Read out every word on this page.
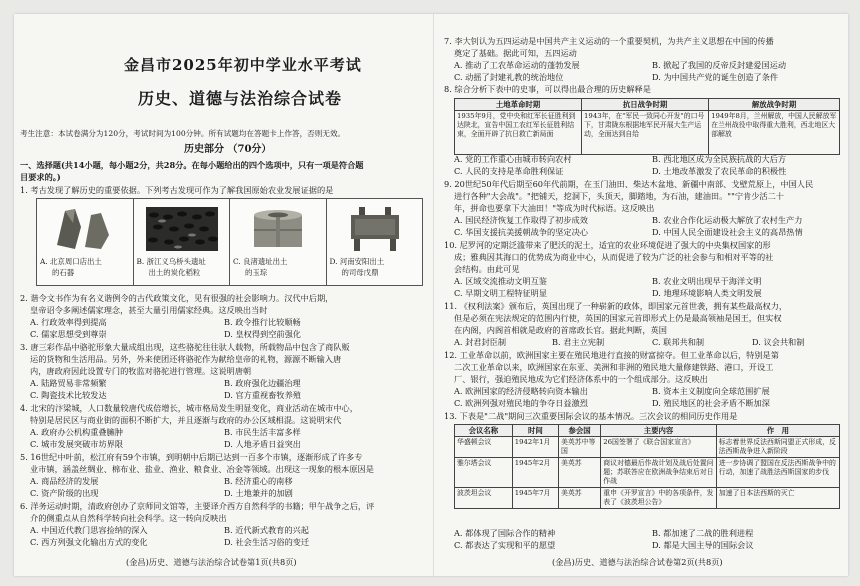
金昌市2025年初中学业水平考试
历史、道德与法治综合试卷
考生注意：本试卷满分为120分，考试时间为100分钟。所有试题均在答题卡上作答，否则无效。
历史部分 （70分）
一、选择题(共14小题，每小题2分，共28分。在每小题给出的四个选项中，只有一项是符合题
目要求的。)
1. 考古发现了解历史的重要依据。下列考古发现可作为了解我国原始农业发展证据的是
A. 北京周口店出土
的石器
B. 浙江义乌桥头遗址
出土的炭化稻粒
C. 良渚遗址出土
的玉琮
D. 河南安阳出土
的司母戊鼎
2. 谐令文书作为有名义谐例令的古代政策文化，见有很强的社会影响力。汉代中后期，
皇帝诏令多阐述儒家理念，甚至大量引用儒家经典。这反映出当时
A. 行政效率得到提高	B. 政令推行比较顺畅
C. 儒家思想受到尊崇	D. 皇权得到空前强化
3. 唐三彩作品中骆驼形象大量成组出现，这些骆驼往往驮人载物，所载物品中包含了商队贩
运的货物和生活用品。另外，外来使团还将骆驼作为献给皇帝的礼物，源源不断输入唐
内，唐政府因此设置专门的牧监对骆驼进行管理。这说明唐朝
A. 陆路贸易非常频繁	B. 政府强化边疆治理
C. 陶瓷技术比较发达	D. 官方重视畜牧养殖
4. 北宋的汴梁城，人口数量较唐代成倍增长，城市格局发生明显变化，商业活动在城市中心，
特别是居民区与商业街的面积不断扩大，并且逐渐与政府的办公区域相混。这说明宋代
A. 政府办公机构重叠臃肿	B. 市民生活丰富多样
C. 城市发展突破市坊界限	D. 人地矛盾日益突出
5. 16世纪中叶前，松江府有59个市镇，到明朝中后期已达到一百多个市镇，逐渐形成了许多专
业市镇，涵盖丝绸业、棉布业、盐业、渔业、粮食业、冶金等领域。出现这一现象的根本原因是
A. 商品经济的发展	B. 经济重心的南移
C. 资产阶级的出现	D. 土地兼并的加剧
6. 洋务运动时期，清政府创办了京师同文馆等，主要译介西方自然科学的书籍；甲午战争之后，评
介的侧重点从自然科学转向社会科学。这一转向反映出
A. 中国近代教门思容捡纳的深入	B. 近代新式教育的兴起
C. 西方列强文化输出方式的变化	D. 社会生活习俗的变迁
(金昌)历史、道德与法治综合试卷第1页(共8页)
7. 李大钊认为五四运动是中国共产主义运动的一个重要契机，为共产主义思想在中国的传播
奠定了基础。据此可知，五四运动
A. 推动了工农革命运动的蓬勃发展	B. 掀起了我国的反帝反封建爱国运动
C. 动摇了封建礼教的统治地位	D. 为中国共产党的诞生创造了条件
8. 综合分析下表中的史事，可以得出最合理的历史解释是
土地革命时期	抗日战争时期	解放战争时期
1935年9月，党中央和红军长征胜利到达陕北，宣告中国工农红军长征胜利结束，全面开辟了抗日救亡新局面	1943年，在"军民一致同心开发"的口号下，甘肃陇东根据地军民开展大生产运动，全面达到自给	1949年8月，兰州解放，中国人民解放军在兰州战役中取得重大胜利，西北地区大部解放
A. 党的工作重心由城市转向农村	B. 西北地区成为全民族抗战的大后方
C. 人民的支持是革命胜利保证	D. 土地改革激发了农民革命的积极性
9. 20世纪50年代后期至60年代前期，在玉门油田、柴达木盆地、新疆中南部、戈壁荒原上，中国人民
进行各种"大会战"。"把铺天，挖洞下，头顶天，脚踏地，为石油，建油田。""宁肯少活二十
年，拼命也要拿下大油田！"等成为时代标语。这反映出
A. 国民经济恢复工作取得了初步成效	B. 农业合作化运动极大解放了农村生产力
C. 华国支援抗美援朝战争的坚定决心	D. 中国人民全面建设社会主义的高昂热情
10. 尼罗河的定期泛滥带来了肥沃的泥土，适宜的农业环境促进了强大的中央集权国家的形
成；雅典因其海口的优势成为商业中心，从而促进了较为广泛的社会参与和相对平等的社
会结构。由此可见
A. 区域交流推动文明互鉴	B. 农业文明出现早于海洋文明
C. 早期文明工程特征明显	D. 地理环境影响人类文明发展
11. 《权利法案》颁布后，英国出现了一种崭新的政体，即国家元首世袭，拥有某些最高权力，
但是必须在宪法规定的范围内行使，英国的国家元首即形式上仍是最高领袖是国王，但实权
在内阁，内阁首相就是政府的首席政长官。据此判断，英国
A. 封君封臣制	B. 君主立宪制	C. 联邦共和制	D. 议会共和制
12. 工业革命以前，欧洲国家主要在殖民地进行直接的财富掠夺。但工业革命以后，特别是第
二次工业革命以来，欧洲国家在东亚、美洲和非洲的殖民地大量修建铁路、港口，开设工
厂、银行，强迫殖民地成为它们经济体系中的一个组成部分。这反映出
A. 欧洲国家的经济侵略转向资本输出	B. 资本主义制度向全球范围扩展
C. 欧洲列强对殖民地的争夺日益激烈	D. 殖民地区的社会矛盾不断加深
13. 下表是"二战"期间三次重要国际会议的基本情况。三次会议的相同历史作用是
会议名称	时间	参会国	主要内容	作　用
华盛顿会议	1942年1月	美英苏中等国	26国签署了《联合国家宣言》	标志着世界反法西斯同盟正式形成，反法西斯战争进入新阶段
雅尔塔会议	1945年2月	美英苏	商议对德最后作战计划及战后处置问题；苏联答应在欧洲战争结束后对日作战	进一步协调了盟国在反法西斯战争中的行动，加速了战胜法西斯国家的步伐
波茨坦会议	1945年7月	美英苏	重申《开罗宣言》中的各项条件，发表了《波茨坦公告》	加速了日本法西斯的灭亡
A. 都体现了国际合作的精神	B. 都加速了二战的胜利进程
C. 都表达了实现和平的愿望	D. 都是大国主导的国际会议
(金昌)历史、道德与法治综合试卷第2页(共8页)
